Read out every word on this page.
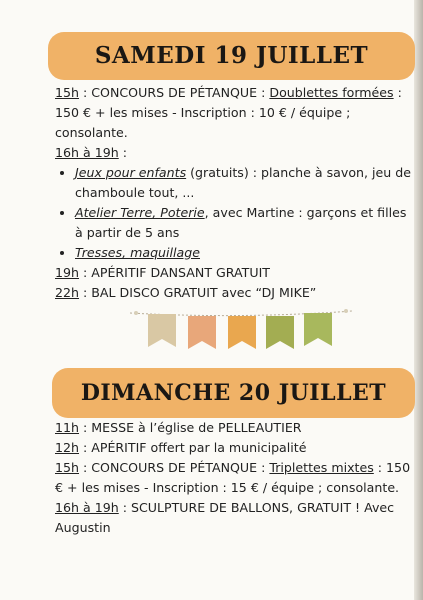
SAMEDI 19 JUILLET

15h : CONCOURS DE PÉTANQUE : Doublettes formées : 150 € + les mises - Inscription : 10 € / équipe ; consolante.

16h à 19h :

• Jeux pour enfants (gratuits) : planche à savon, jeu de chamboule tout, ...
• Atelier Terre, Poterie, avec Martine : garçons et filles à partir de 5 ans
• Tresses, maquillage

19h : APÉRITIF DANSANT GRATUIT

22h : BAL DISCO GRATUIT avec “DJ MIKE”

DIMANCHE 20 JUILLET

11h : MESSE à l’église de PELLEAUTIER

12h : APÉRITIF offert par la municipalité

15h : CONCOURS DE PÉTANQUE : Triplettes mixtes : 150 € + les mises - Inscription : 15 € / équipe ; consolante.

16h à 19h : SCULPTURE DE BALLONS, GRATUIT ! Avec Augustin
